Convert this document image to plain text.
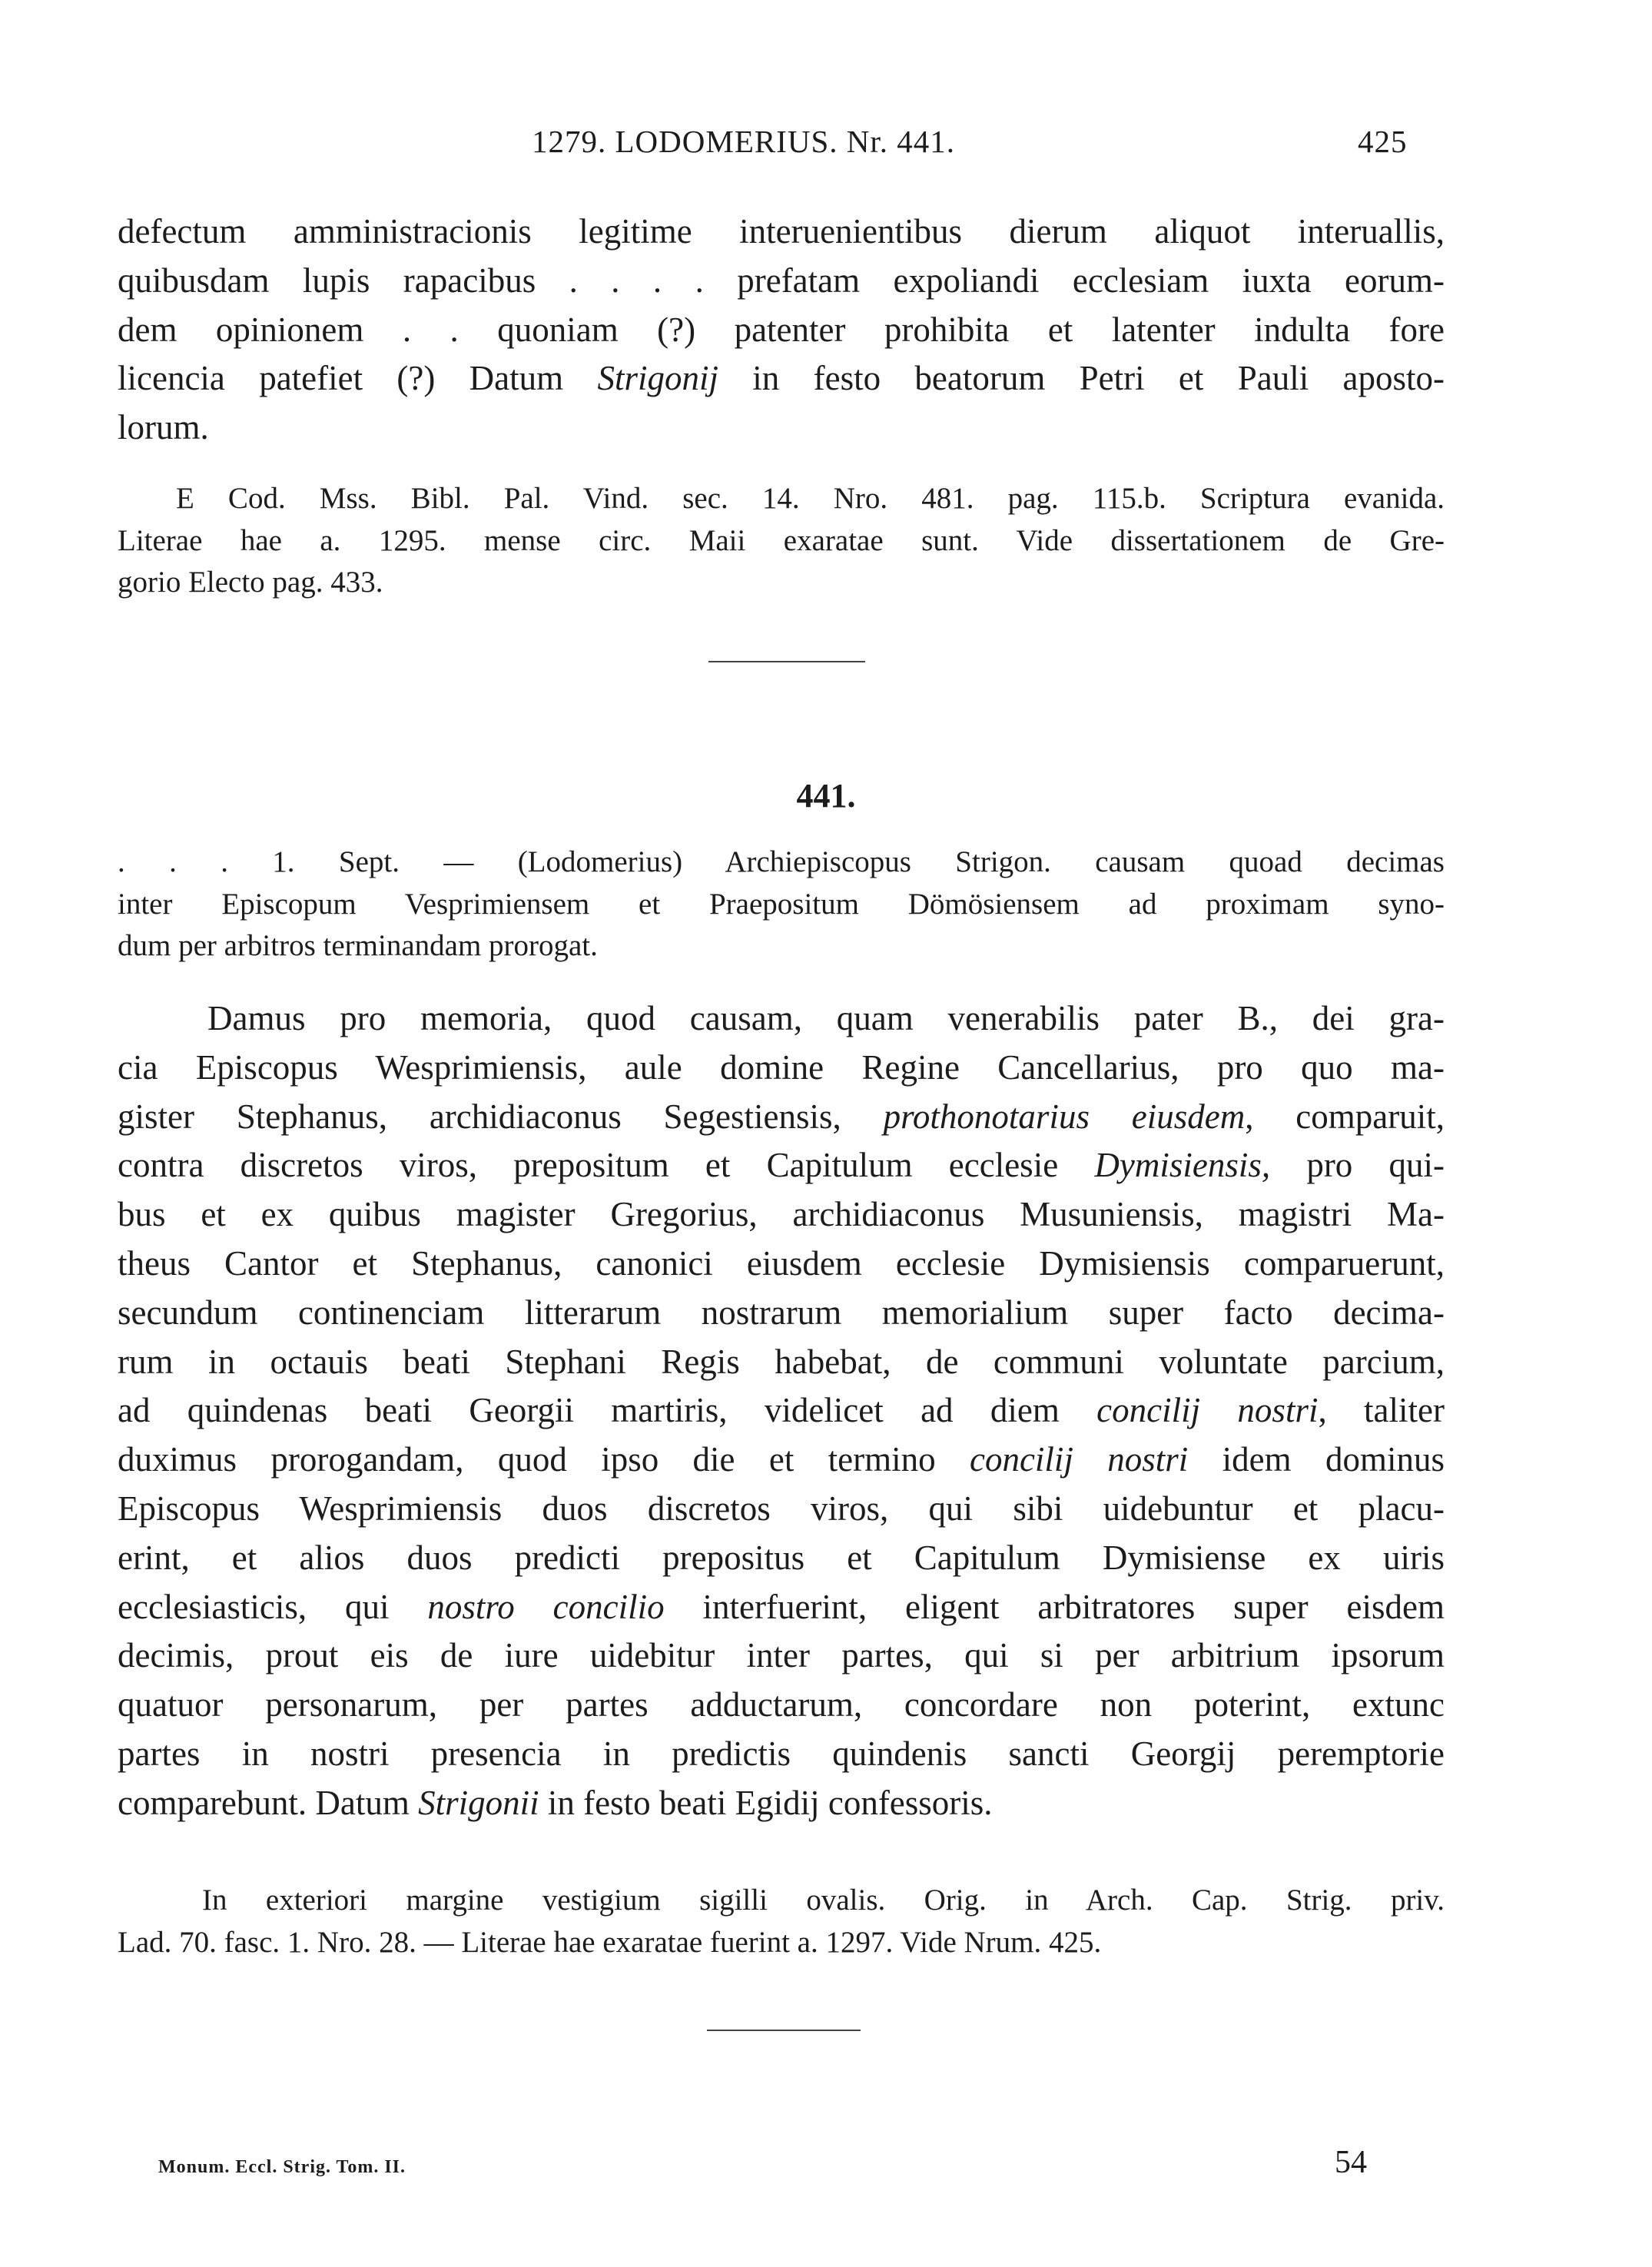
1279. LODOMERIUS. Nr. 441.	425
defectum amministracionis legitime interuenientibus dierum aliquot interuallis,
quibusdam lupis rapacibus . . . . prefatam expoliandi ecclesiam iuxta eorum-
dem opinionem . . quoniam (?) patenter prohibita et latenter indulta fore
licencia patefiet (?) Datum Strigonij in festo beatorum Petri et Pauli aposto-
lorum.
E Cod. Mss. Bibl. Pal. Vind. sec. 14. Nro. 481. pag. 115.b. Scriptura evanida.
Literae hae a. 1295. mense circ. Maii exaratae sunt. Vide dissertationem de Gre-
gorio Electo pag. 433.
441.
. . . 1. Sept. — (Lodomerius) Archiepiscopus Strigon. causam quoad decimas
inter Episcopum Vesprimiensem et Praepositum Dömösiensem ad proximam syno-
dum per arbitros terminandam prorogat.
Damus pro memoria, quod causam, quam venerabilis pater B., dei gra-
cia Episcopus Wesprimiensis, aule domine Regine Cancellarius, pro quo ma-
gister Stephanus, archidiaconus Segestiensis, prothonotarius eiusdem, comparuit,
contra discretos viros, prepositum et Capitulum ecclesie Dymisiensis, pro qui-
bus et ex quibus magister Gregorius, archidiaconus Musuniensis, magistri Ma-
theus Cantor et Stephanus, canonici eiusdem ecclesie Dymisiensis comparuerunt,
secundum continenciam litterarum nostrarum memorialium super facto decima-
rum in octauis beati Stephani Regis habebat, de communi voluntate parcium,
ad quindenas beati Georgii martiris, videlicet ad diem concilij nostri, taliter
duximus prorogandam, quod ipso die et termino concilij nostri idem dominus
Episcopus Wesprimiensis duos discretos viros, qui sibi uidebuntur et placu-
erint, et alios duos predicti prepositus et Capitulum Dymisiense ex uiris
ecclesiasticis, qui nostro concilio interfuerint, eligent arbitratores super eisdem
decimis, prout eis de iure uidebitur inter partes, qui si per arbitrium ipsorum
quatuor personarum, per partes adductarum, concordare non poterint, extunc
partes in nostri presencia in predictis quindenis sancti Georgij peremptorie
comparebunt. Datum Strigonii in festo beati Egidij confessoris.
In exteriori margine vestigium sigilli ovalis. Orig. in Arch. Cap. Strig. priv.
Lad. 70. fasc. 1. Nro. 28. — Literae hae exaratae fuerint a. 1297. Vide Nrum. 425.
Monum. Eccl. Strig. Tom. II.	54
